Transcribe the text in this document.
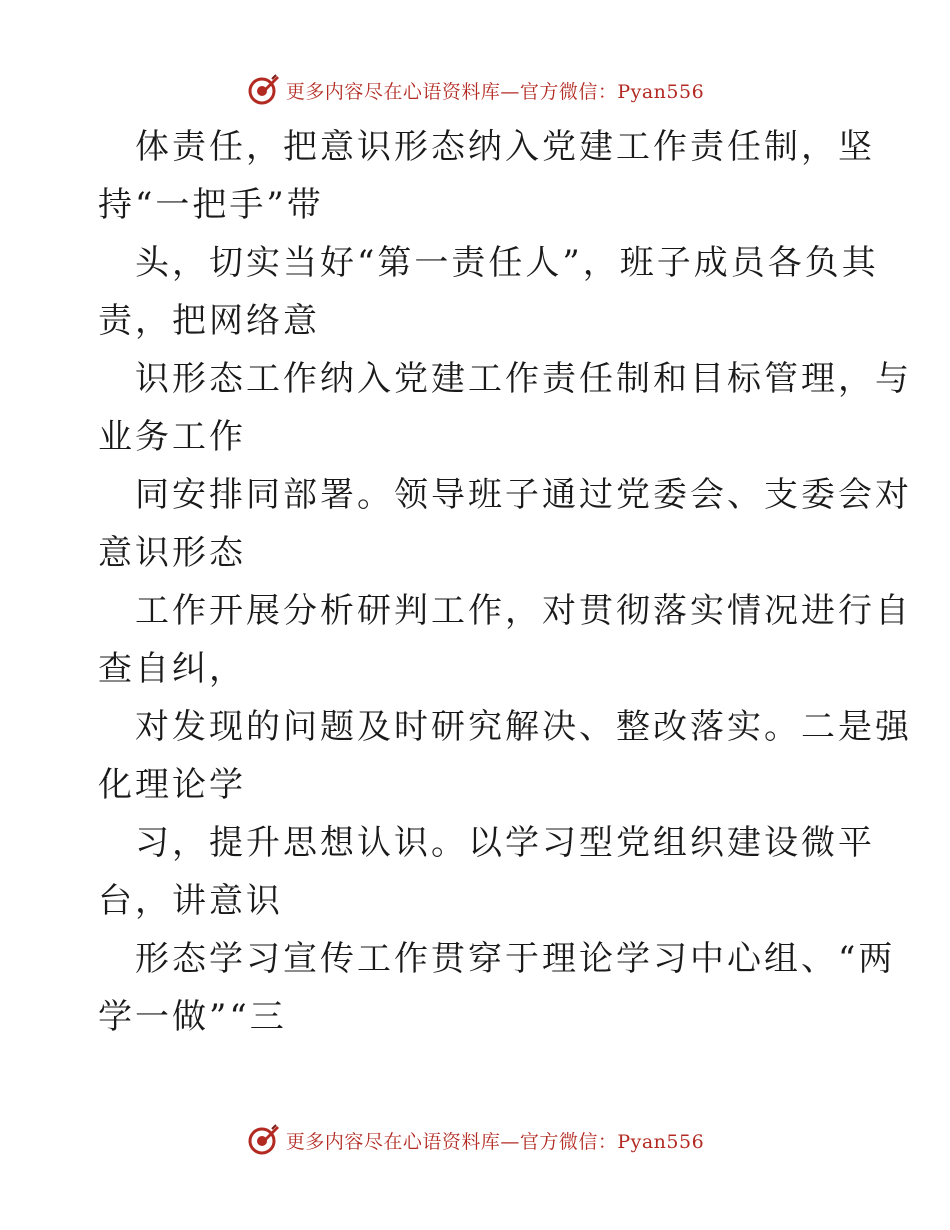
更多内容尽在心语资料库—官方微信：Pyan556
体责任，把意识形态纳入党建工作责任制，坚
持“一把手”带
头，切实当好“第一责任人”，班子成员各负其
责，把网络意
识形态工作纳入党建工作责任制和目标管理，与
业务工作
同安排同部署。领导班子通过党委会、支委会对
意识形态
工作开展分析研判工作，对贯彻落实情况进行自
查自纠，
对发现的问题及时研究解决、整改落实。二是强
化理论学
习，提升思想认识。以学习型党组织建设微平
台，讲意识
形态学习宣传工作贯穿于理论学习中心组、“两
学一做”“三
更多内容尽在心语资料库—官方微信：Pyan556
